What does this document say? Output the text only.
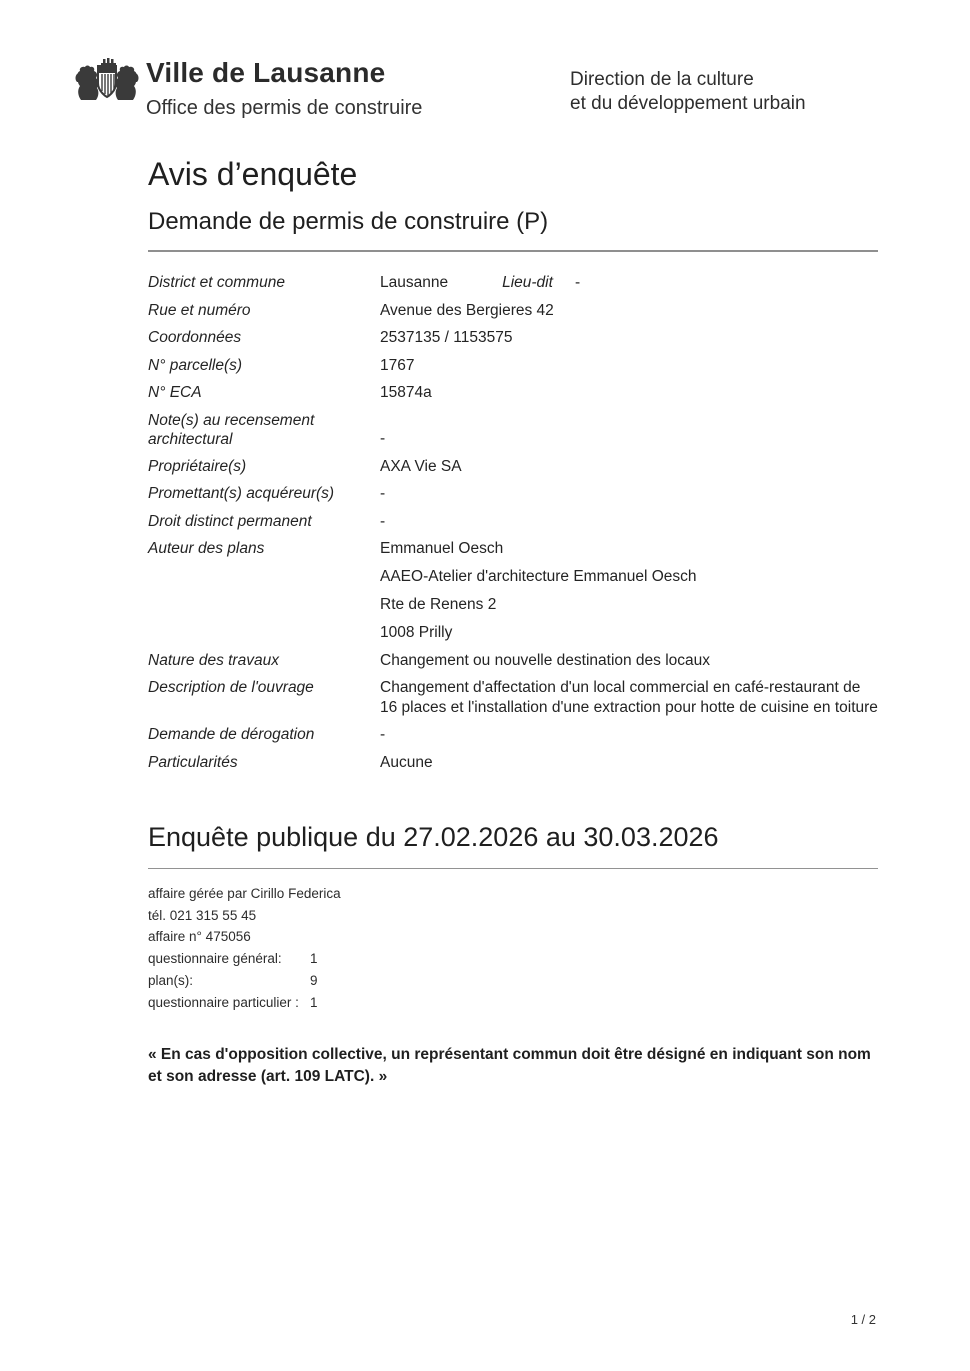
Ville de Lausanne
Office des permis de construire
Direction de la culture
et du développement urbain
Avis d’enquête
Demande de permis de construire (P)
District et commune	Lausanne	Lieu-dit -
Rue et numéro	Avenue des Bergieres 42
Coordonnées	2537135 / 1153575
N° parcelle(s)	1767
N° ECA	15874a
Note(s) au recensement architectural	-
Propriétaire(s)	AXA Vie SA
Promettant(s) acquéreur(s)	-
Droit distinct permanent	-
Auteur des plans	Emmanuel Oesch
AAEO-Atelier d'architecture Emmanuel Oesch
Rte de Renens 2
1008 Prilly
Nature des travaux	Changement ou nouvelle destination des locaux
Description de l'ouvrage	Changement d'affectation d'un local commercial en café-restaurant de 16 places et l'installation d'une extraction pour hotte de cuisine en toiture
Demande de dérogation	-
Particularités	Aucune
Enquête publique du 27.02.2026 au 30.03.2026
affaire gérée par Cirillo Federica
tél. 021 315 55 45
affaire n° 475056
questionnaire général:	1
plan(s):	9
questionnaire particulier : 1
« En cas d'opposition collective, un représentant commun doit être désigné en indiquant son nom et son adresse (art. 109 LATC). »
1 / 2
